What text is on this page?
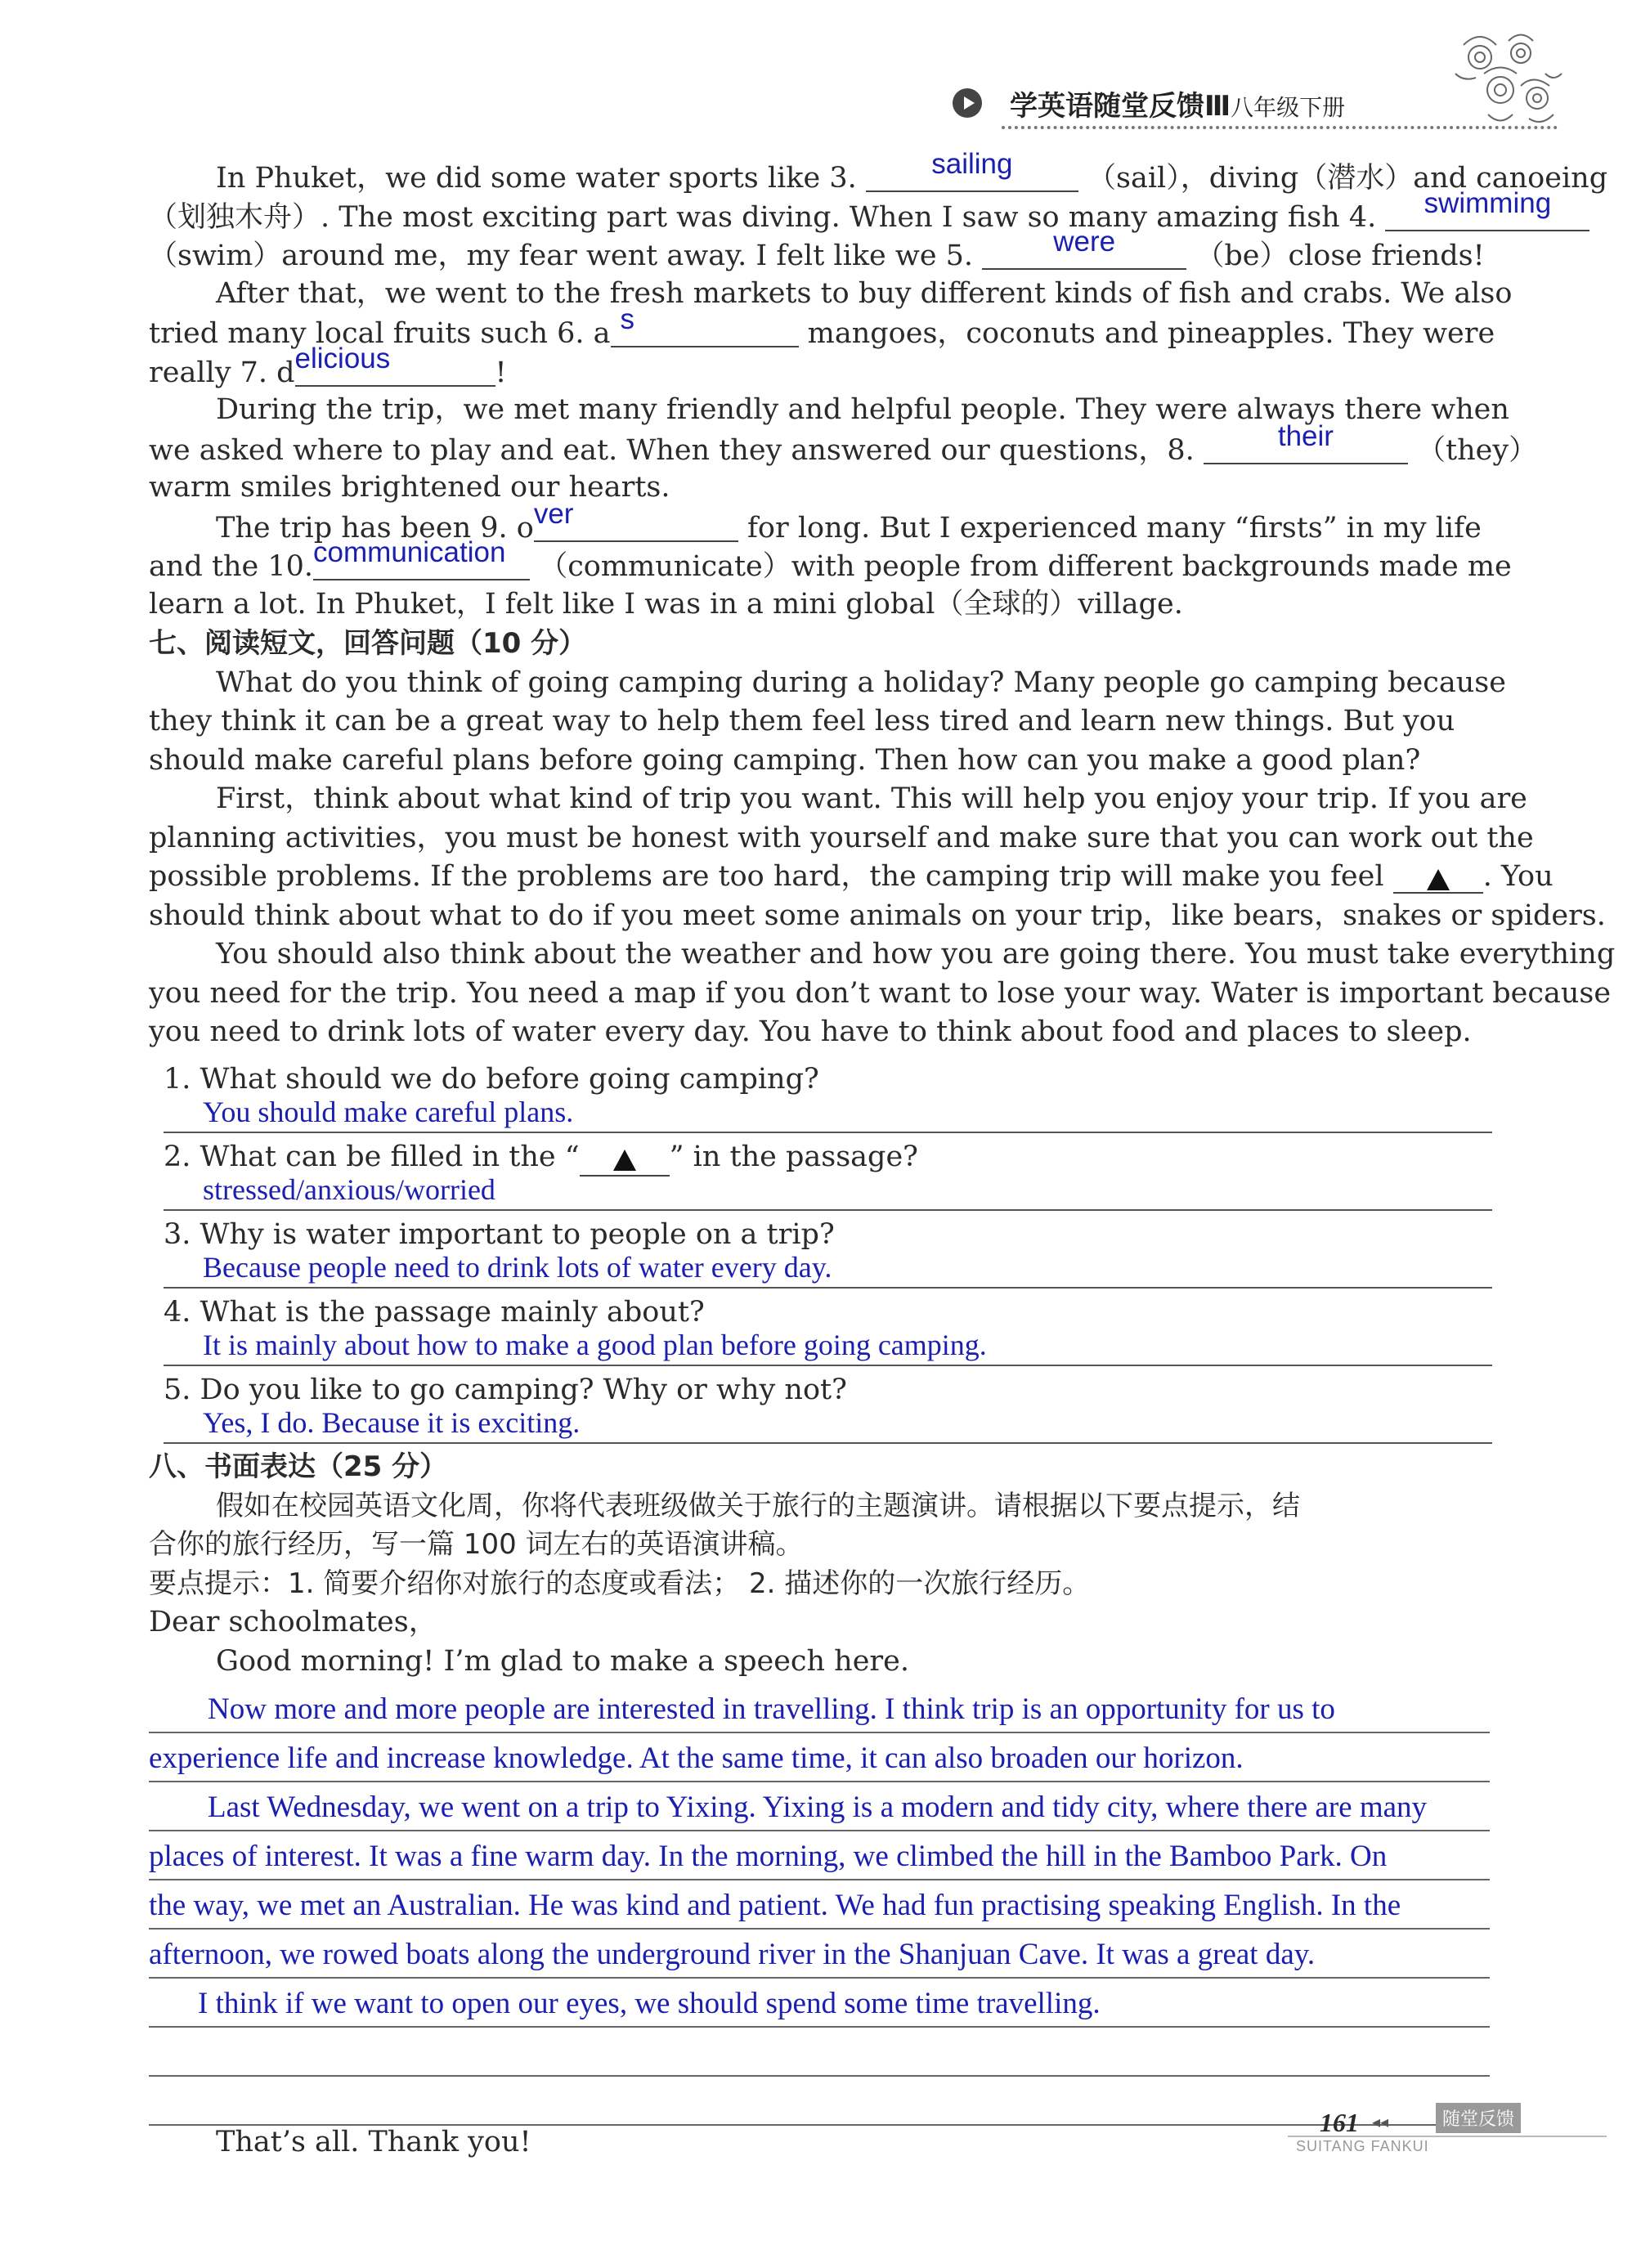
学英语随堂反馈Ⅲ八年级下册
In Phuket，we did some water sports like 3.	sailing	（sail），diving（潜水）and canoeing
（划独木舟）. The most exciting part was diving. When I saw so many amazing fish 4.	swimming
（swim）around me，my fear went away. I felt like we 5.	were	（be）close friends!
After that，we went to the fresh markets to buy different kinds of fish and crabs. We also
tried many local fruits such 6. a s	mangoes，coconuts and pineapples. They were
really 7. d elicious	!
During the trip，we met many friendly and helpful people. They were always there when
we asked where to play and eat. When they answered our questions，8.	their	（they）
warm smiles brightened our hearts.
The trip has been 9. o ver	for long. But I experienced many “firsts” in my life
and the 10. communication	（communicate）with people from different backgrounds made me
learn a lot. In Phuket，I felt like I was in a mini global（全球的）village.
七、阅读短文，回答问题（10 分）
What do you think of going camping during a holiday? Many people go camping because
they think it can be a great way to help them feel less tired and learn new things. But you
should make careful plans before going camping. Then how can you make a good plan?
First，think about what kind of trip you want. This will help you enjoy your trip. If you are
planning activities，you must be honest with yourself and make sure that you can work out the
possible problems. If the problems are too hard，the camping trip will make you feel	. You
should think about what to do if you meet some animals on your trip，like bears，snakes or spiders.
You should also think about the weather and how you are going there. You must take everything
you need for the trip. You need a map if you don’t want to lose your way. Water is important because
you need to drink lots of water every day. You have to think about food and places to sleep.
1. What should we do before going camping?
You should make careful plans.
2. What can be filled in the “	” in the passage?
stressed/anxious/worried
3. Why is water important to people on a trip?
Because people need to drink lots of water every day.
4. What is the passage mainly about?
It is mainly about how to make a good plan before going camping.
5. Do you like to go camping? Why or why not?
Yes, I do. Because it is exciting.
八、书面表达（25 分）
假如在校园英语文化周，你将代表班级做关于旅行的主题演讲。请根据以下要点提示，结
合你的旅行经历，写一篇 100 词左右的英语演讲稿。
要点提示：1. 简要介绍你对旅行的态度或看法； 2. 描述你的一次旅行经历。
Dear schoolmates，
Good morning! I’m glad to make a speech here.
Now more and more people are interested in travelling. I think trip is an opportunity for us to
experience life and increase knowledge. At the same time, it can also broaden our horizon.
Last Wednesday, we went on a trip to Yixing. Yixing is a modern and tidy city, where there are many
places of interest. It was a fine warm day. In the morning, we climbed the hill in the Bamboo Park. On
the way, we met an Australian. He was kind and patient. We had fun practising speaking English. In the
afternoon, we rowed boats along the underground river in the Shanjuan Cave. It was a great day.
I think if we want to open our eyes, we should spend some time travelling.
That’s all. Thank you!
161 ◂◂	随堂反馈
SUITANG FANKUI
